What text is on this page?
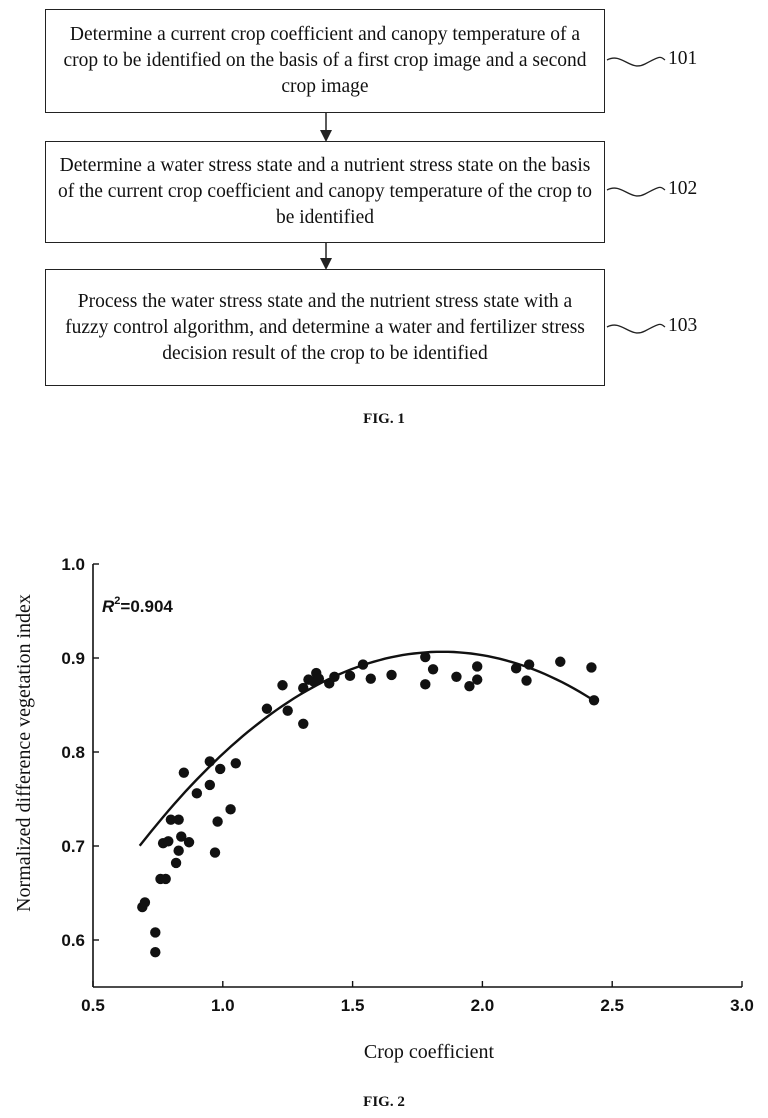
Determine a current crop coefficient and canopy temperature of a crop to be identified on the basis of a first crop image and a second crop image
Determine a water stress state and a nutrient stress state on the basis of the current crop coefficient and canopy temperature of the crop to be identified
Process the water stress state and the nutrient stress state with a fuzzy control algorithm, and determine a water and fertilizer stress decision result of the crop to be identified
101
102
103
FIG. 1
0.5	1.0	1.5	2.0	2.5	3.0
0.6
0.7
0.8
0.9
1.0
$R^2=0.904$
Crop coefficient
Normalized difference vegetation index
FIG. 2
